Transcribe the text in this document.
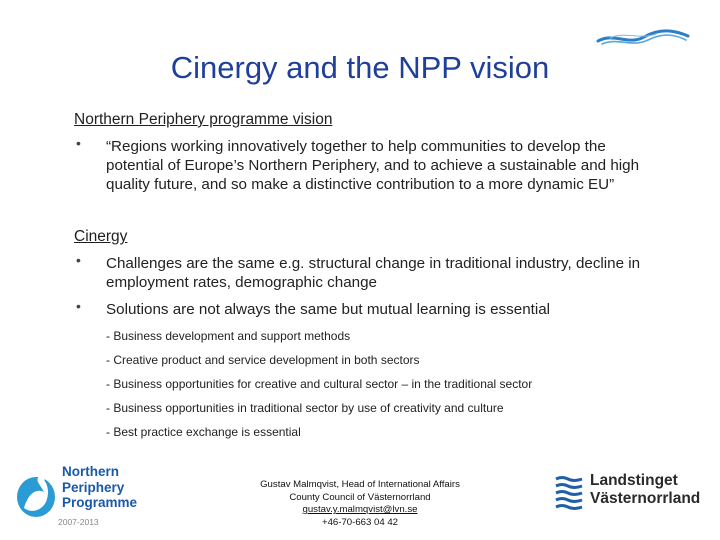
Cinergy and the NPP vision
Northern Periphery programme vision
• “Regions working innovatively together to help communities to develop the potential of Europe’s Northern Periphery, and to achieve a sustainable and high quality future, and so make a distinctive contribution to a more dynamic EU”
Cinergy
• Challenges are the same e.g. structural change in traditional industry, decline in employment rates, demographic change
• Solutions are not always the same but mutual learning is essential
- Business development and support methods
- Creative product and service development in both sectors
- Business opportunities for creative and cultural sector – in the traditional sector
- Business opportunities in traditional sector by use of creativity and culture
- Best practice exchange is essential
Northern
Periphery
Programme
2007-2013
Gustav Malmqvist, Head of International Affairs
County Council of Västernorrland
gustav.y.malmqvist@lvn.se
+46-70-663 04 42
Landstinget
Västernorrland
